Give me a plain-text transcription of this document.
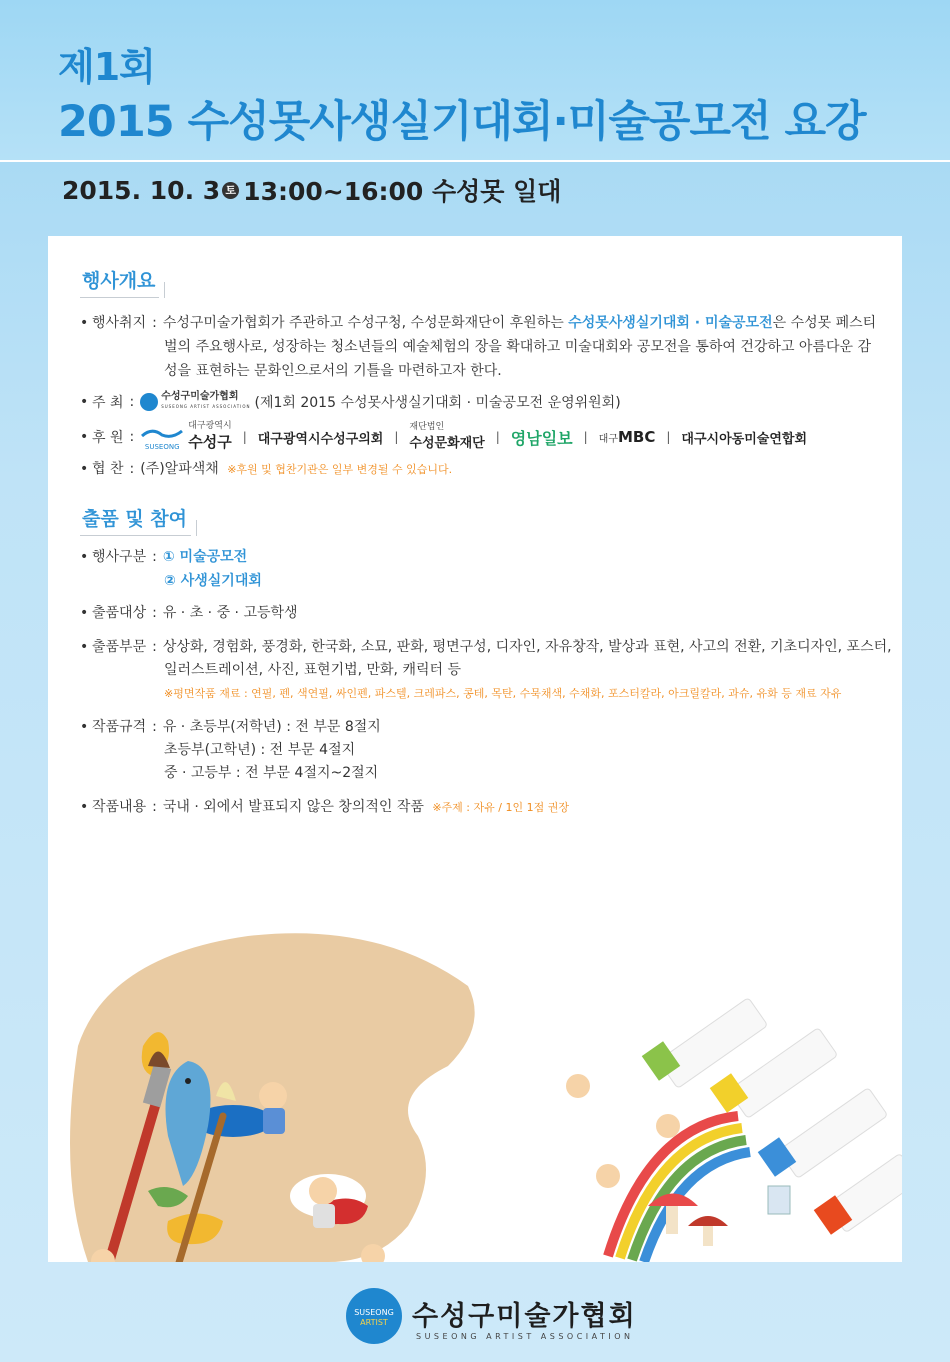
제1회
2015 수성못사생실기대회·미술공모전 요강
2015. 10. 3 토 13:00~16:00 수성못 일대
행사개요
• 행사취지 : 수성구미술가협회가 주관하고 수성구청, 수성문화재단이 후원하는 수성못사생실기대회 · 미술공모전은 수성못 페스티
벌의 주요행사로, 성장하는 청소년들의 예술체험의 장을 확대하고 미술대회와 공모전을 통하여 건강하고 아름다운 감
성을 표현하는 문화인으로서의 기틀을 마련하고자 한다.
• 주 최 :	수성구미술가협회
SUSEONG ARTIST ASSOCIATION (제1회 2015 수성못사생실기대회 · 미술공모전 운영위원회)
• 후 원 :
SUSEONG
대구광역시
수성구 | 대구광역시수성구의회 |
재단법인
수성문화재단 | 영남일보 | 대구MBC | 대구시아동미술연합회
• 협 찬 : (주)알파색채 ※후원 및 협찬기관은 일부 변경될 수 있습니다.
출품 및 참여
• 행사구분 : ① 미술공모전
② 사생실기대회
• 출품대상 : 유 · 초 · 중 · 고등학생
• 출품부문 : 상상화, 경험화, 풍경화, 한국화, 소묘, 판화, 평면구성, 디자인, 자유창작, 발상과 표현, 사고의 전환, 기초디자인, 포스터,
일러스트레이션, 사진, 표현기법, 만화, 캐릭터 등
※평면작품 재료 : 연필, 펜, 색연필, 싸인펜, 파스텔, 크레파스, 콩테, 목탄, 수묵채색, 수채화, 포스터칼라, 아크릴칼라, 과슈, 유화 등 재료 자유
• 작품규격 : 유 · 초등부(저학년) : 전 부문 8절지
초등부(고학년) : 전 부문 4절지
중 · 고등부 : 전 부문 4절지~2절지
• 작품내용 : 국내 · 외에서 발표되지 않은 창의적인 작품 ※주제 : 자유 / 1인 1점 권장
SUSEONG
ARTIST 수성구미술가협회
SUSEONG ARTIST ASSOCIATION
